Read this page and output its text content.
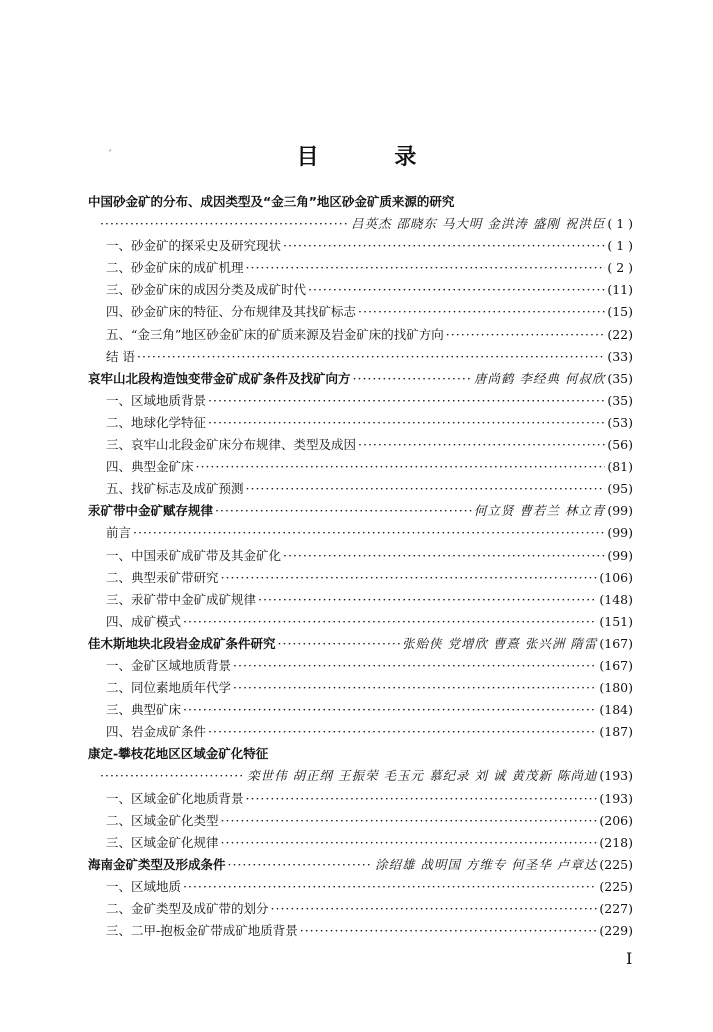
´	目 录
中国砂金矿的分布、成因类型及“金三角”地区砂金矿质来源的研究
·····
吕英杰 邵晓东 马大明 金洪涛 盛刚 祝洪臣 ( 1 )
一、砂金矿的探采史及研究现状 ·····	( 1 )
二、砂金矿床的成矿机理 ·····	( 2 )
三、砂金矿床的成因分类及成矿时代 ·····	(11)
四、砂金矿床的特征、分布规律及其找矿标志 ·····	(15)
五、“金三角”地区砂金矿床的矿质来源及岩金矿床的找矿方向 ·····	(22)
结 语 ·····	(33)
哀牢山北段构造蚀变带金矿成矿条件及找矿向方 ·····	唐尚鹤 李经典 何叔欣 (35)
一、区域地质背景 ·····	(35)
二、地球化学特征 ·····	(53)
三、哀牢山北段金矿床分布规律、类型及成因 ·····	(56)
四、典型金矿床 ·····	(81)
五、找矿标志及成矿预测 ·····	(95)
汞矿带中金矿赋存规律 ·····	何立贤 曹若兰 林立青 (99)
前言 ·····	(99)
一、中国汞矿成矿带及其金矿化 ·····	(99)
二、典型汞矿带研究 ·····	(106)
三、汞矿带中金矿成矿规律 ·····	(148)
四、成矿模式 ·····	(151)
佳木斯地块北段岩金成矿条件研究 ·····	张贻侠 党增欣 曹熹 张兴洲 隋雷 (167)
一、金矿区域地质背景 ·····	(167)
二、同位素地质年代学 ·····	(180)
三、典型矿床 ·····	(184)
四、岩金成矿条件 ·····	(187)
康定-攀枝花地区区域金矿化特征
·····
栾世伟 胡正纲 王振荣 毛玉元 慕纪录 刘 诚 黄茂新 陈尚迪 (193)
一、区域金矿化地质背景 ·····	(193)
二、区域金矿化类型 ·····	(206)
三、区域金矿化规律 ·····	(218)
海南金矿类型及形成条件 ·····	涂绍雄 战明国 方维专 何圣华 卢章达 (225)
一、区域地质 ·····	(225)
二、金矿类型及成矿带的划分 ·····	(227)
三、二甲-抱板金矿带成矿地质背景 ·····	(229)
I
